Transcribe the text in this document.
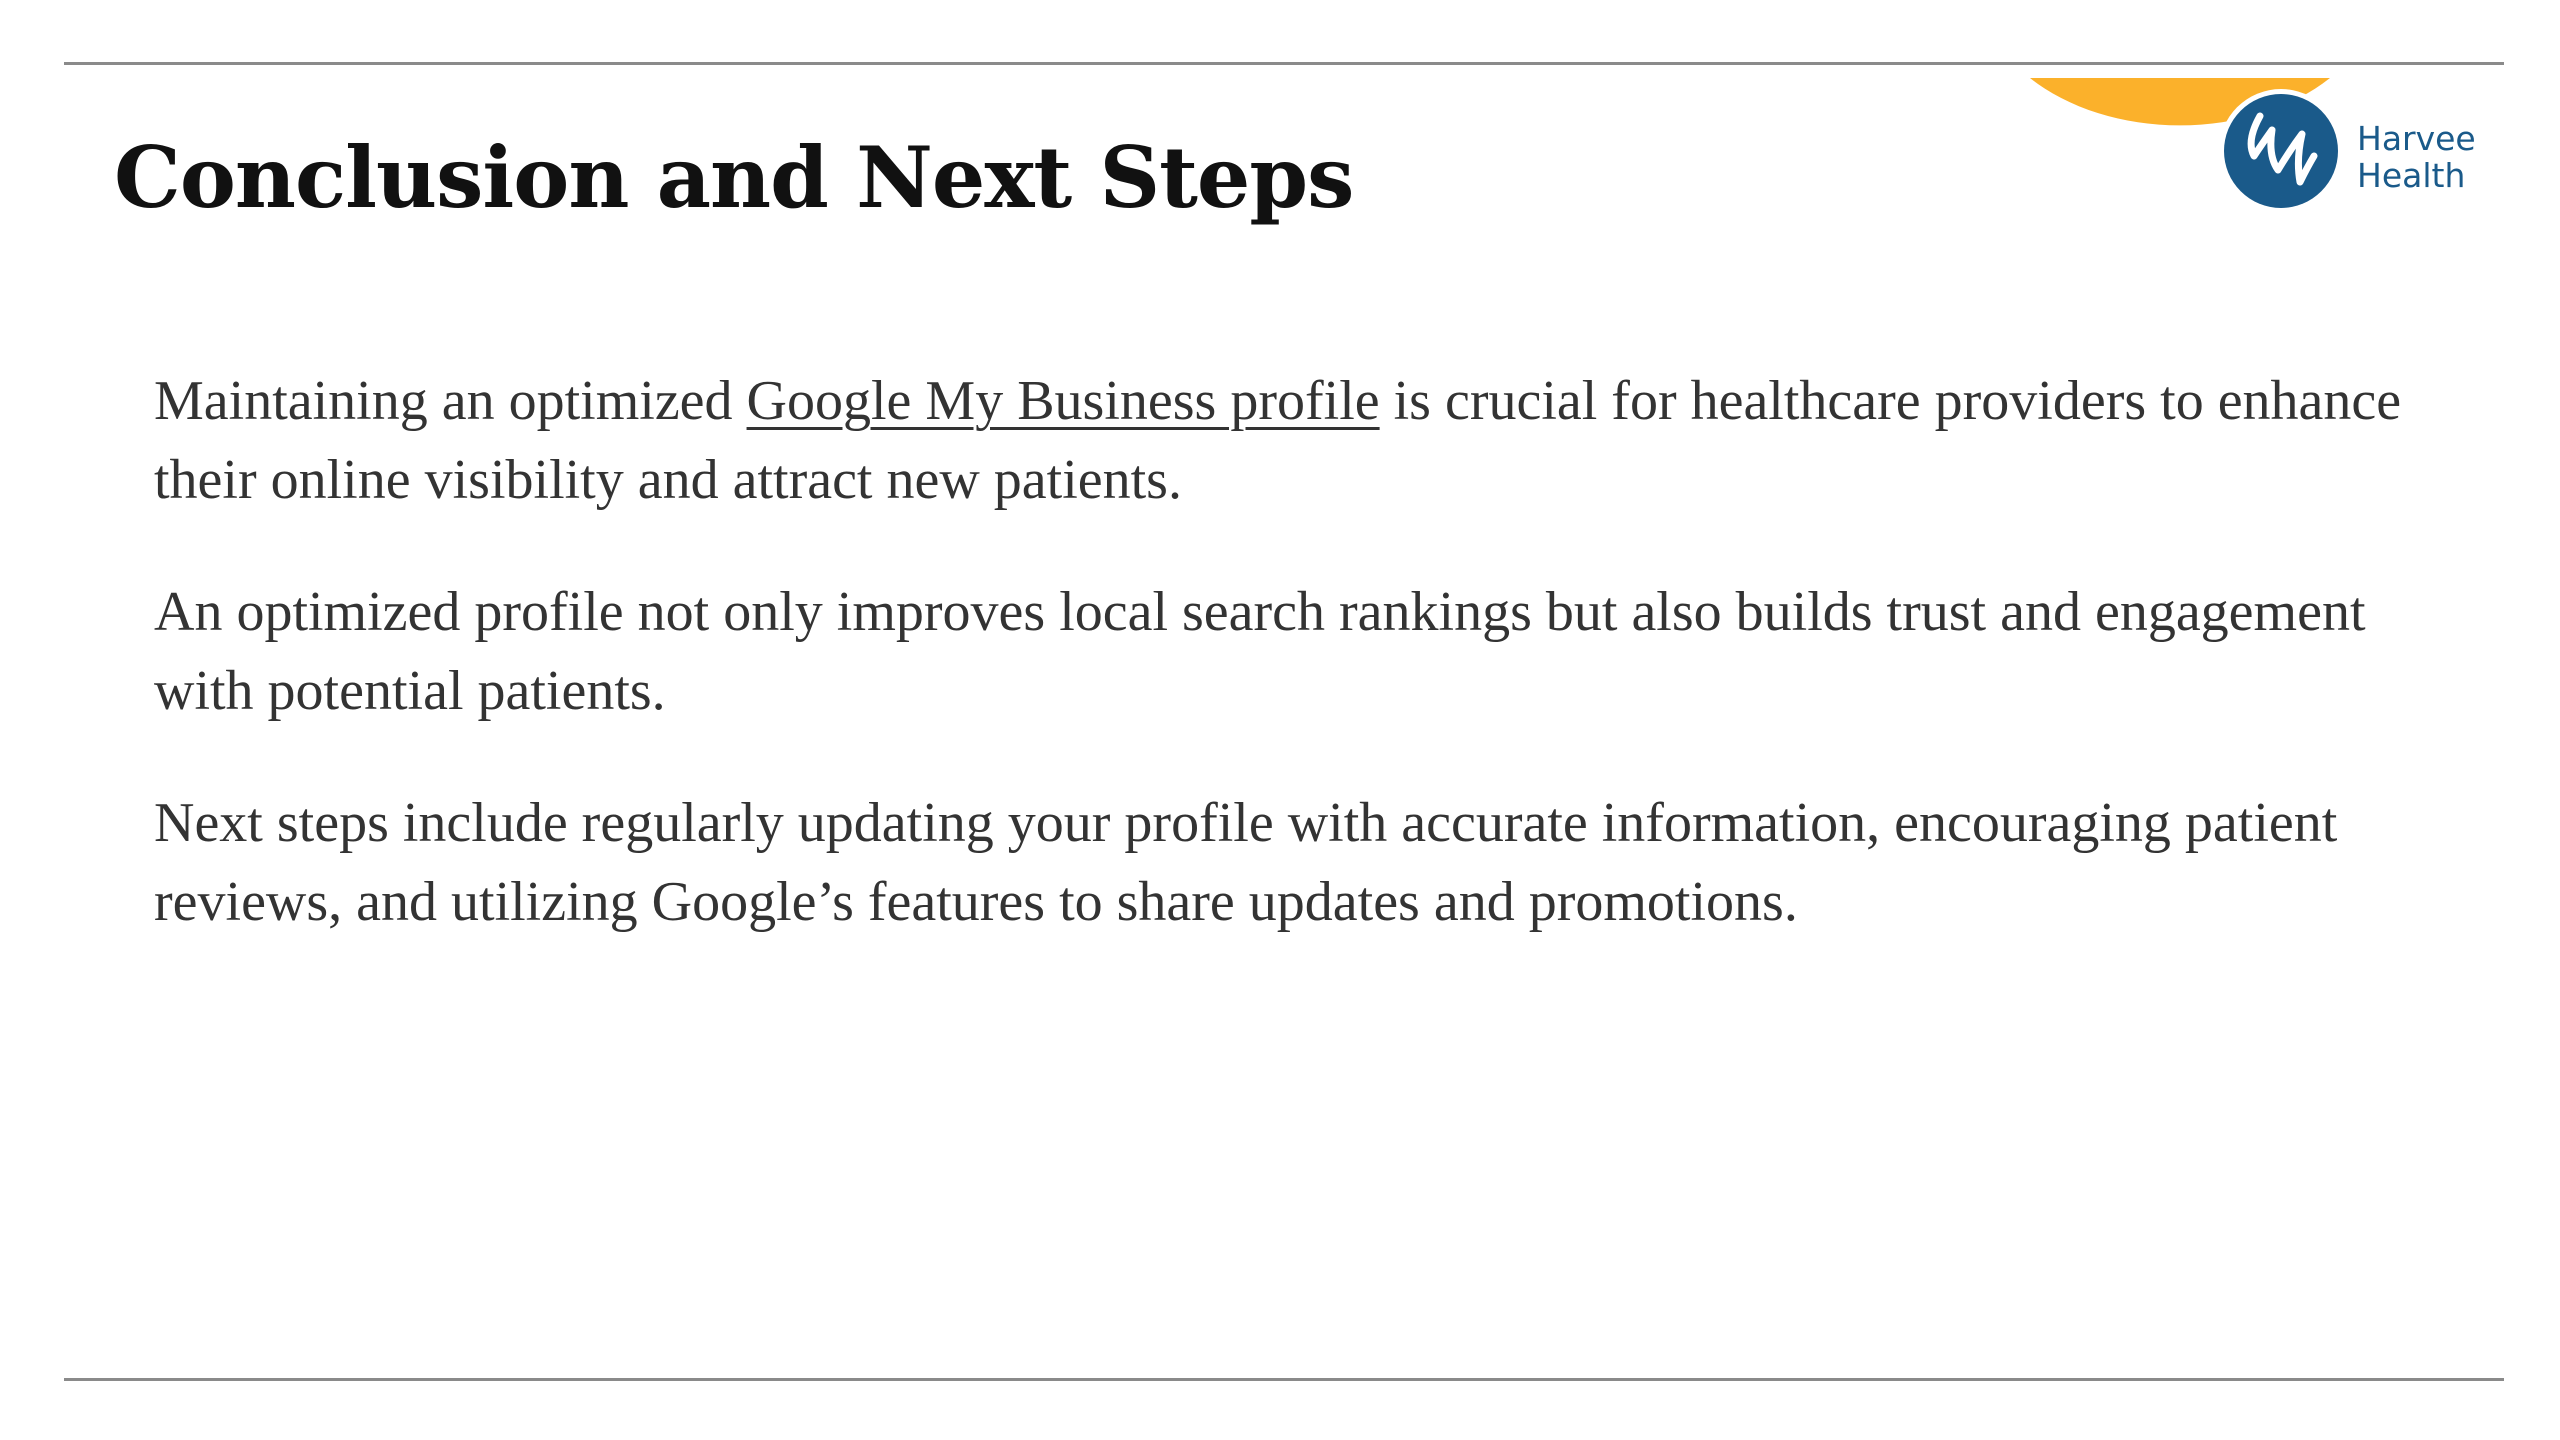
Conclusion and Next Steps	Harvee
Health

Maintaining an optimized Google My Business profile is crucial for healthcare providers to enhance their online visibility and attract new patients.

An optimized profile not only improves local search rankings but also builds trust and engagement with potential patients.

Next steps include regularly updating your profile with accurate information, encouraging patient reviews, and utilizing Google’s features to share updates and promotions.
